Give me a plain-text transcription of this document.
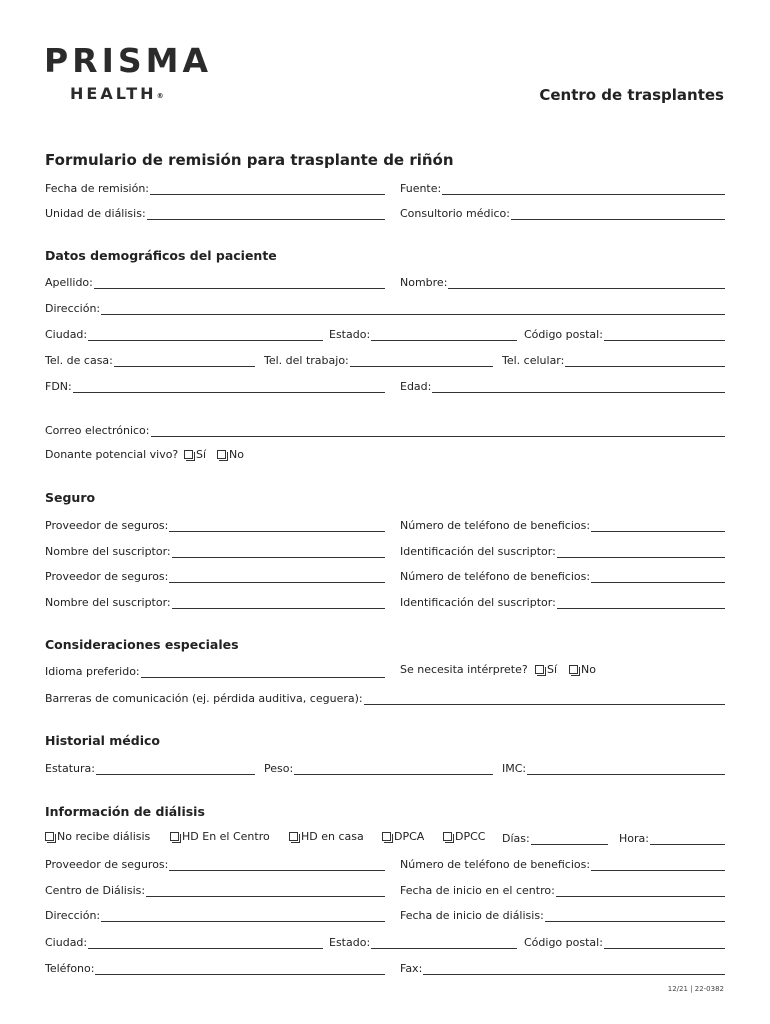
PRISMA
HEALTH®	Centro de trasplantes
Formulario de remisión para trasplante de riñón
Fecha de remisión:	Fuente:
Unidad de diálisis:	Consultorio médico:
Datos demográficos del paciente
Apellido:	Nombre:
Dirección:
Ciudad:	Estado:	Código postal:
Tel. de casa:	Tel. del trabajo:	Tel. celular:
FDN:	Edad:
Correo electrónico:
Donante potencial vivo? Sí No
Seguro
Proveedor de seguros:	Número de teléfono de beneficios:
Nombre del suscriptor:	Identificación del suscriptor:
Proveedor de seguros:	Número de teléfono de beneficios:
Nombre del suscriptor:	Identificación del suscriptor:
Consideraciones especiales
Idioma preferido:	Se necesita intérprete? Sí No
Barreras de comunicación (ej. pérdida auditiva, ceguera):
Historial médico
Estatura:	Peso:	IMC:
Información de diálisis
No recibe diálisis	HD En el Centro	HD en casa	DPCA	DPCC Días:	Hora:
Proveedor de seguros:	Número de teléfono de beneficios:
Centro de Diálisis:	Fecha de inicio en el centro:
Dirección:	Fecha de inicio de diálisis:
Ciudad:	Estado:	Código postal:
Teléfono:	Fax:
12/21 | 22-0382
